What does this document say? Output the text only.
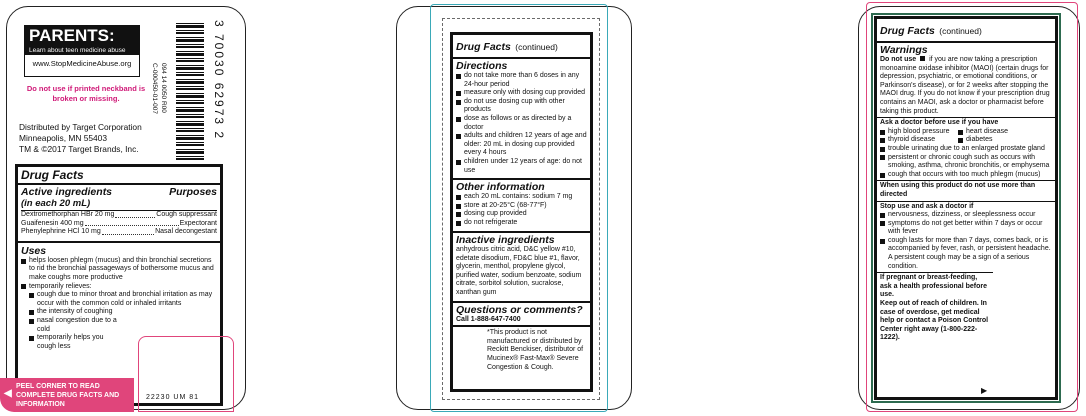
PARENTS:
Learn about teen medicine abuse
www.StopMedicineAbuse.org
Do not use if printed neckband is broken or missing.
Distributed by Target Corporation
Minneapolis, MN 55403
TM & ©2017 Target Brands, Inc.
094 14 0050 R00
C-000450-01-007	3 70030 62973 2
Drug Facts
Active ingredients	Purposes
(in each 20 mL)
Dextromethorphan HBr 20 mg	Cough suppressant
Guaifenesin 400 mg	Expectorant
Phenylephrine HCl 10 mg	Nasal decongestant
Uses
helps loosen phlegm (mucus) and thin bronchial secretions to rid the bronchial passageways of bothersome mucus and make coughs more productive
temporarily relieves:
cough due to minor throat and bronchial irritation as may occur with the common cold or inhaled irritants
the intensity of coughing
nasal congestion due to a cold
temporarily helps you cough less
◀
PEEL CORNER TO READ COMPLETE DRUG FACTS AND INFORMATION
22230 UM 81
Drug Facts (continued)
Directions
do not take more than 6 doses in any 24-hour period
measure only with dosing cup provided
do not use dosing cup with other products
dose as follows or as directed by a doctor
adults and children 12 years of age and older: 20 mL in dosing cup provided every 4 hours
children under 12 years of age: do not use
Other information
each 20 mL contains: sodium 7 mg
store at 20-25°C (68-77°F)
dosing cup provided
do not refrigerate
Inactive ingredients anhydrous citric acid, D&C yellow #10, edetate disodium, FD&C blue #1, flavor, glycerin, menthol, propylene glycol, purified water, sodium benzoate, sodium citrate, sorbitol solution, sucralose, xanthan gum
Questions or comments?
Call 1-888-647-7400
*This product is not manufactured or distributed by Reckitt Benckiser, distributor of Mucinex® Fast-Max® Severe Congestion & Cough.
Drug Facts (continued)
Warnings
Do not use if you are now taking a prescription monoamine oxidase inhibitor (MAOI) (certain drugs for depression, psychiatric, or emotional conditions, or Parkinson's disease), or for 2 weeks after stopping the MAOI drug. If you do not know if your prescription drug contains an MAOI, ask a doctor or pharmacist before taking this product.
Ask a doctor before use if you have
high blood pressure heart disease
thyroid disease	diabetes
trouble urinating due to an enlarged prostate gland
persistent or chronic cough such as occurs with smoking, asthma, chronic bronchitis, or emphysema
cough that occurs with too much phlegm (mucus)
When using this product do not use more than directed
Stop use and ask a doctor if
nervousness, dizziness, or sleeplessness occur
symptoms do not get better within 7 days or occur with fever
cough lasts for more than 7 days, comes back, or is accompanied by fever, rash, or persistent headache. A persistent cough may be a sign of a serious condition.
If pregnant or breast-feeding, ask a health professional before use.
Keep out of reach of children. In case of overdose, get medical help or contact a Poison Control Center right away (1-800-222-1222).
▶
